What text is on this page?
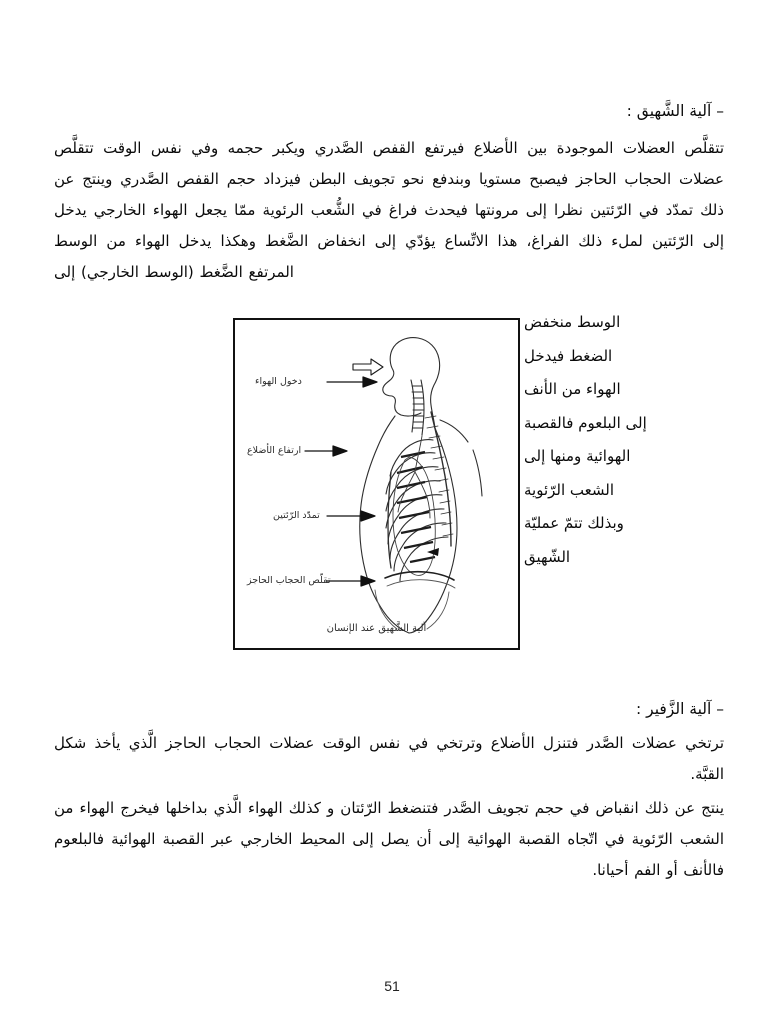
– آلية الشَّهيق :
تتقلَّص العضلات الموجودة بين الأضلاع فيرتفع القفص الصَّدري ويكبر حجمه وفي نفس الوقت تتقلَّص عضلات الحجاب الحاجز فيصبح مستويا وبندفع نحو تجويف البطن فيزداد حجم القفص الصَّدري وينتج عن ذلك تمدّد في الرّئتين نظرا إلى مرونتها فيحدث فراغ في الشُّعب الرئوية ممّا يجعل الهواء الخارجي يدخل إلى الرّئتين لملء ذلك الفراغ، هذا الاتِّساع يؤدّي إلى انخفاض الضَّغط وهكذا يدخل الهواء من الوسط المرتفع الضَّغط (الوسط الخارجي) إلى
الوسط منخفض
الضغط فيدخل
الهواء من الأنف
إلى البلعوم فالقصبة
الهوائية ومنها إلى
الشعب الرّئوية
وبذلك تتمّ عمليّة
الشّهيق
دخول الهواء
ارتفاع الأضلاع
تمدّد الرّئتين
تقلّص الحجاب الحاجز
آلية الشَّهيق عند الإنسان
– آلية الزَّفير :
ترتخي عضلات الصَّدر فتنزل الأضلاع وترتخي في نفس الوقت عضلات الحجاب الحاجز الَّذي يأخذ شكل القبَّة.
ينتج عن ذلك انقباض في حجم تجويف الصَّدر فتنضغط الرّئتان و كذلك الهواء الَّذي بداخلها فيخرج الهواء من الشعب الرّئوية في اتّجاه القصبة الهوائية إلى أن يصل إلى المحيط الخارجي عبر القصبة الهوائية فالبلعوم فالأنف أو الفم أحيانا.
51
